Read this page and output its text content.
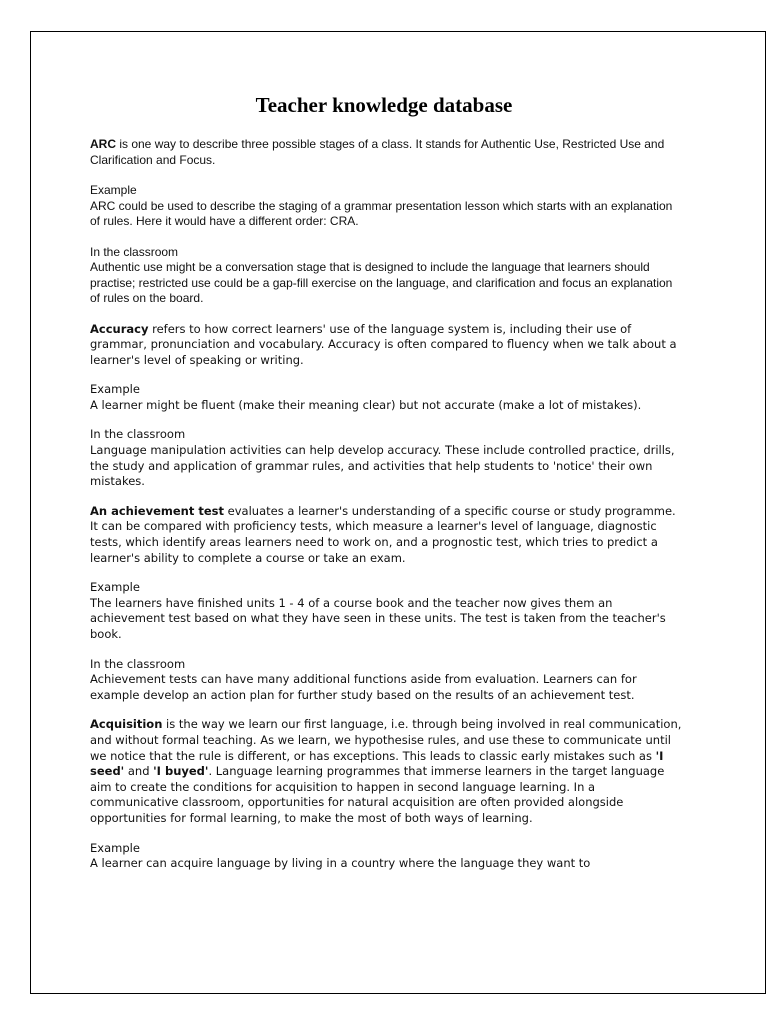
Teacher knowledge database

ARC is one way to describe three possible stages of a class. It stands for Authentic Use, Restricted Use and Clarification and Focus.

Example
ARC could be used to describe the staging of a grammar presentation lesson which starts with an explanation of rules. Here it would have a different order: CRA.

In the classroom
Authentic use might be a conversation stage that is designed to include the language that learners should practise; restricted use could be a gap-fill exercise on the language, and clarification and focus an explanation of rules on the board.

Accuracy refers to how correct learners' use of the language system is, including their use of grammar, pronunciation and vocabulary. Accuracy is often compared to fluency when we talk about a learner's level of speaking or writing.

Example
A learner might be fluent (make their meaning clear) but not accurate (make a lot of mistakes).

In the classroom
Language manipulation activities can help develop accuracy. These include controlled practice, drills, the study and application of grammar rules, and activities that help students to 'notice' their own mistakes.

An achievement test evaluates a learner's understanding of a specific course or study programme. It can be compared with proficiency tests, which measure a learner's level of language, diagnostic tests, which identify areas learners need to work on, and a prognostic test, which tries to predict a learner's ability to complete a course or take an exam.

Example
The learners have finished units 1 - 4 of a course book and the teacher now gives them an achievement test based on what they have seen in these units. The test is taken from the teacher's book.

In the classroom
Achievement tests can have many additional functions aside from evaluation. Learners can for example develop an action plan for further study based on the results of an achievement test.

Acquisition is the way we learn our first language, i.e. through being involved in real communication, and without formal teaching. As we learn, we hypothesise rules, and use these to communicate until we notice that the rule is different, or has exceptions. This leads to classic early mistakes such as 'I seed' and 'I buyed'. Language learning programmes that immerse learners in the target language aim to create the conditions for acquisition to happen in second language learning. In a communicative classroom, opportunities for natural acquisition are often provided alongside opportunities for formal learning, to make the most of both ways of learning.

Example
A learner can acquire language by living in a country where the language they want to
